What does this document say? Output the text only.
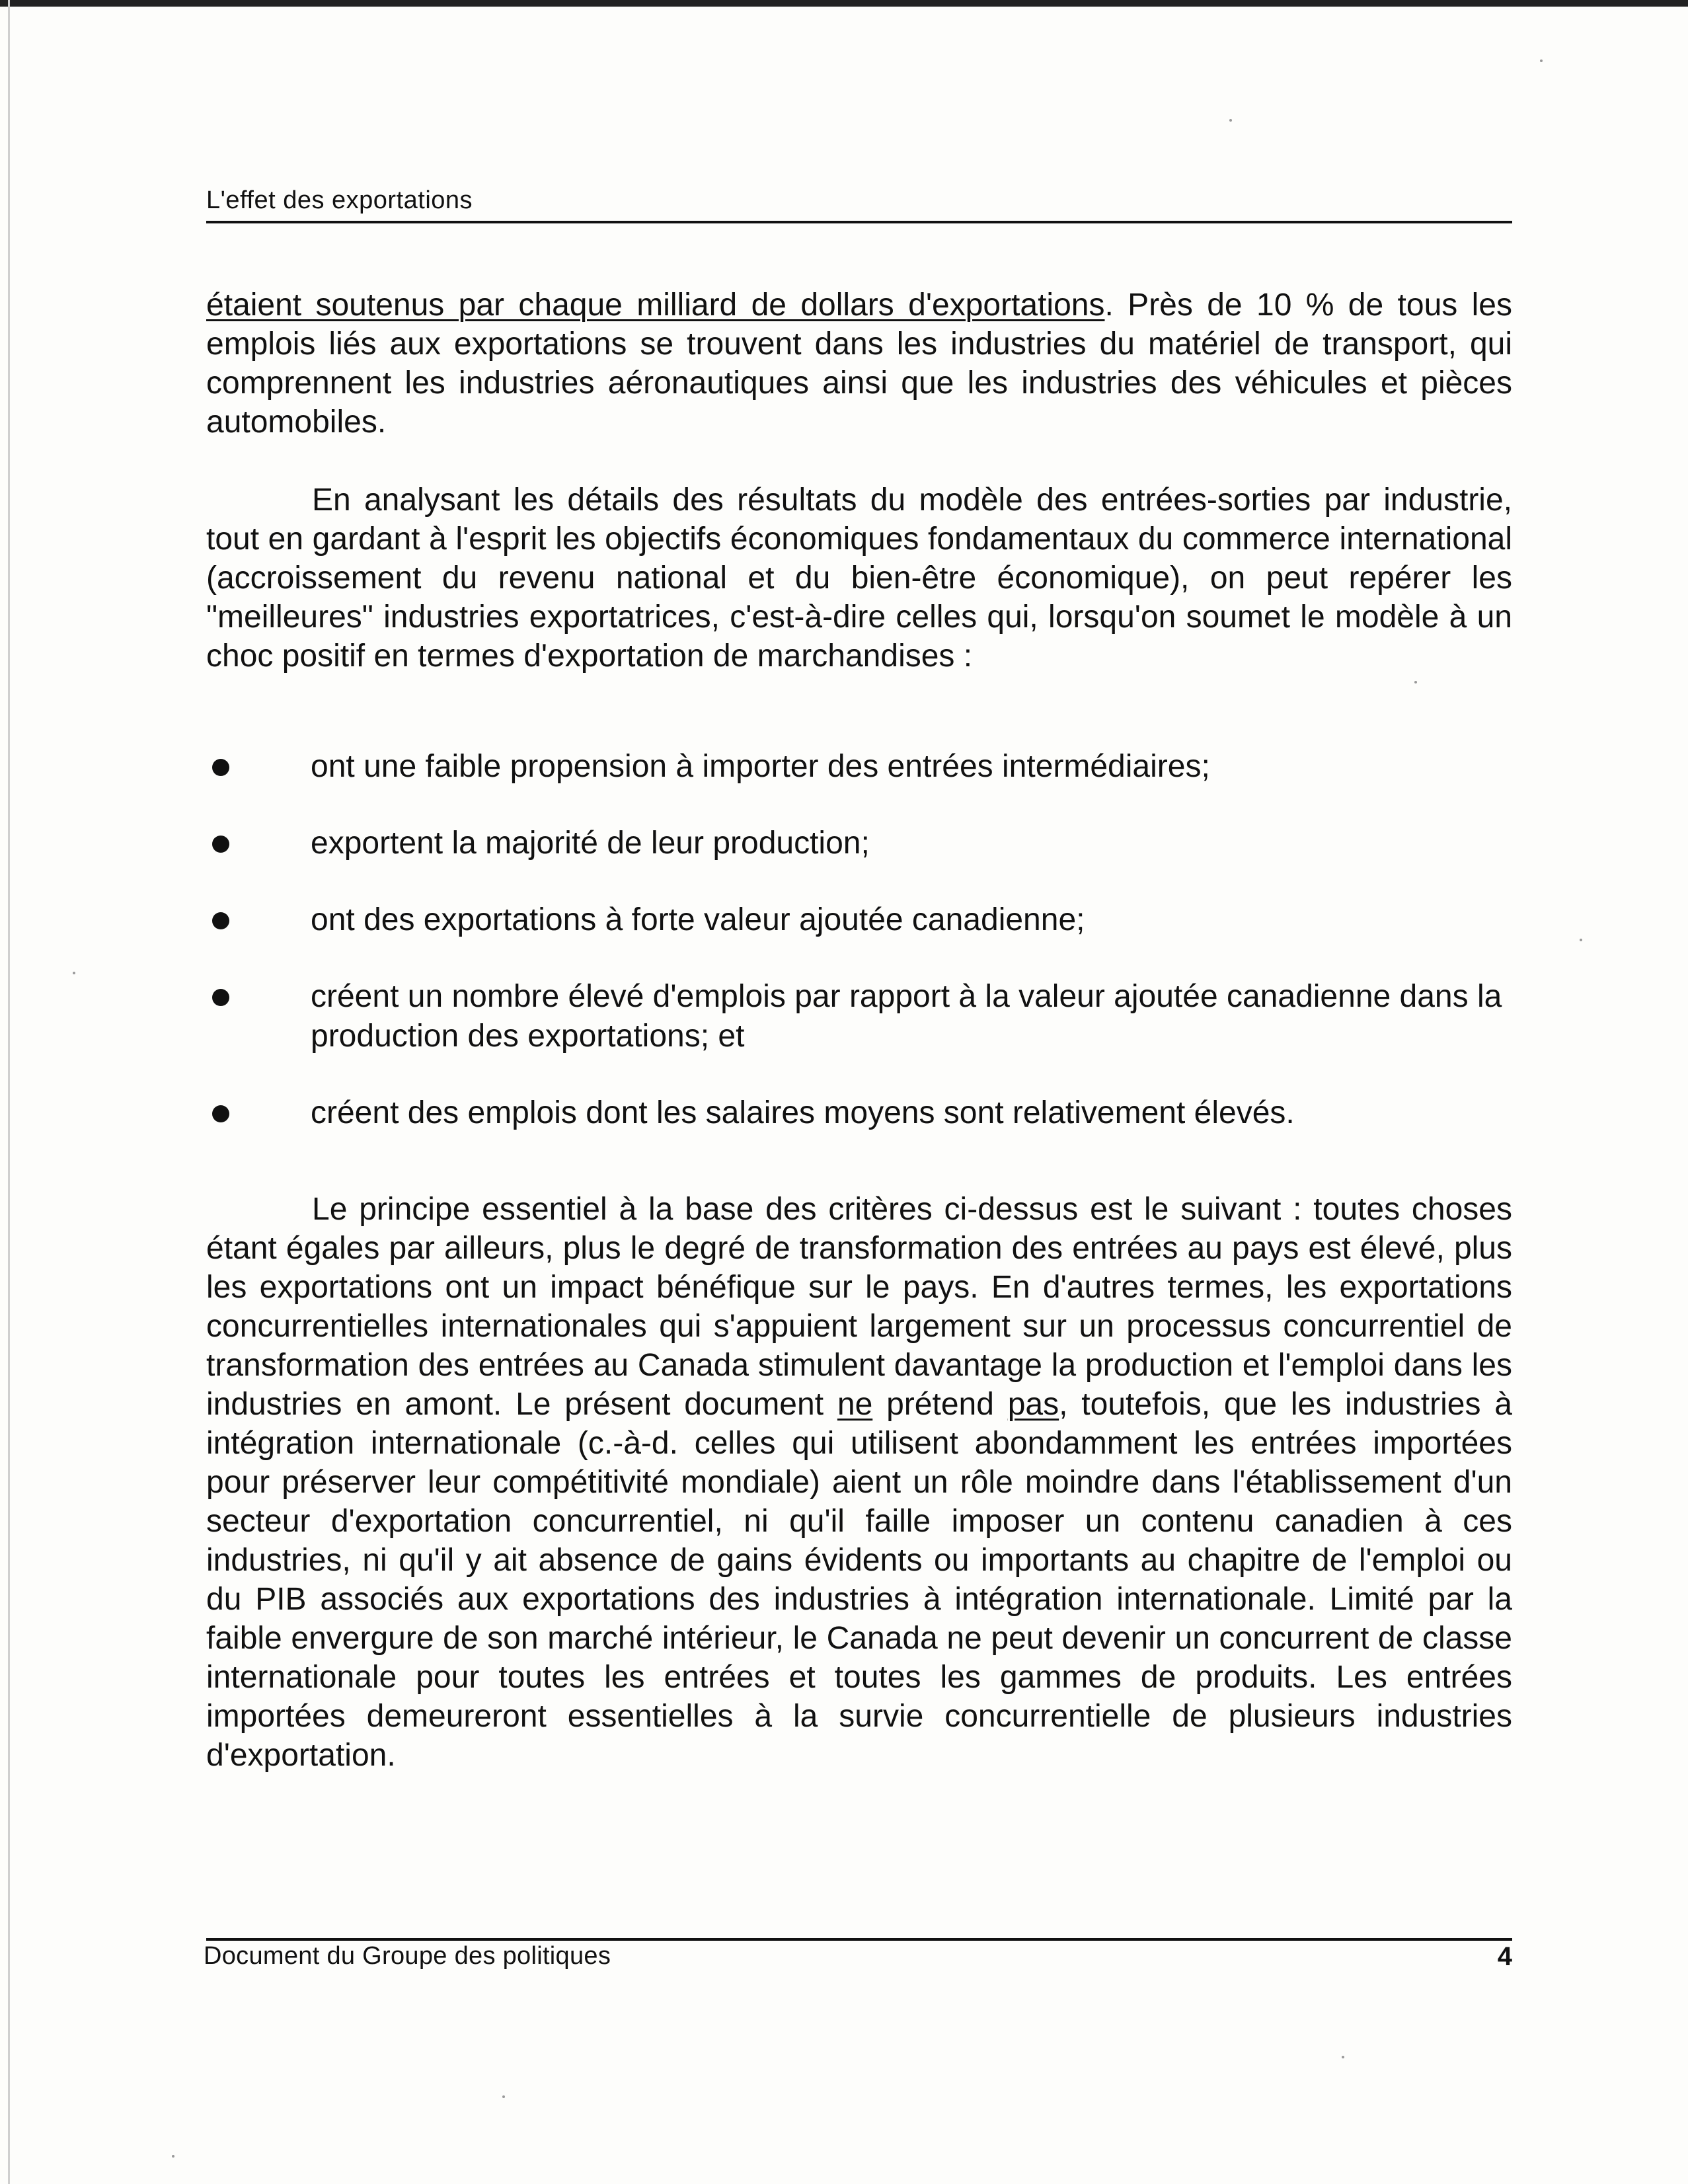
L'effet des exportations

étaient soutenus par chaque milliard de dollars d'exportations. Près de 10 % de tous les emplois liés aux exportations se trouvent dans les industries du matériel de transport, qui comprennent les industries aéronautiques ainsi que les industries des véhicules et pièces automobiles.

En analysant les détails des résultats du modèle des entrées-sorties par industrie, tout en gardant à l'esprit les objectifs économiques fondamentaux du commerce international (accroissement du revenu national et du bien-être économique), on peut repérer les "meilleures" industries exportatrices, c'est-à-dire celles qui, lorsqu'on soumet le modèle à un choc positif en termes d'exportation de marchandises :

ont une faible propension à importer des entrées intermédiaires;
exportent la majorité de leur production;
ont des exportations à forte valeur ajoutée canadienne;
créent un nombre élevé d'emplois par rapport à la valeur ajoutée canadienne dans la production des exportations; et
créent des emplois dont les salaires moyens sont relativement élevés.

Le principe essentiel à la base des critères ci-dessus est le suivant : toutes choses étant égales par ailleurs, plus le degré de transformation des entrées au pays est élevé, plus les exportations ont un impact bénéfique sur le pays. En d'autres termes, les exportations concurrentielles internationales qui s'appuient largement sur un processus concurrentiel de transformation des entrées au Canada stimulent davantage la production et l'emploi dans les industries en amont. Le présent document ne prétend pas, toutefois, que les industries à intégration internationale (c.-à-d. celles qui utilisent abondamment les entrées importées pour préserver leur compétitivité mondiale) aient un rôle moindre dans l'établissement d'un secteur d'exportation concurrentiel, ni qu'il faille imposer un contenu canadien à ces industries, ni qu'il y ait absence de gains évidents ou importants au chapitre de l'emploi ou du PIB associés aux exportations des industries à intégration internationale. Limité par la faible envergure de son marché intérieur, le Canada ne peut devenir un concurrent de classe internationale pour toutes les entrées et toutes les gammes de produits. Les entrées importées demeureront essentielles à la survie concurrentielle de plusieurs industries d'exportation.

Document du Groupe des politiques	4
